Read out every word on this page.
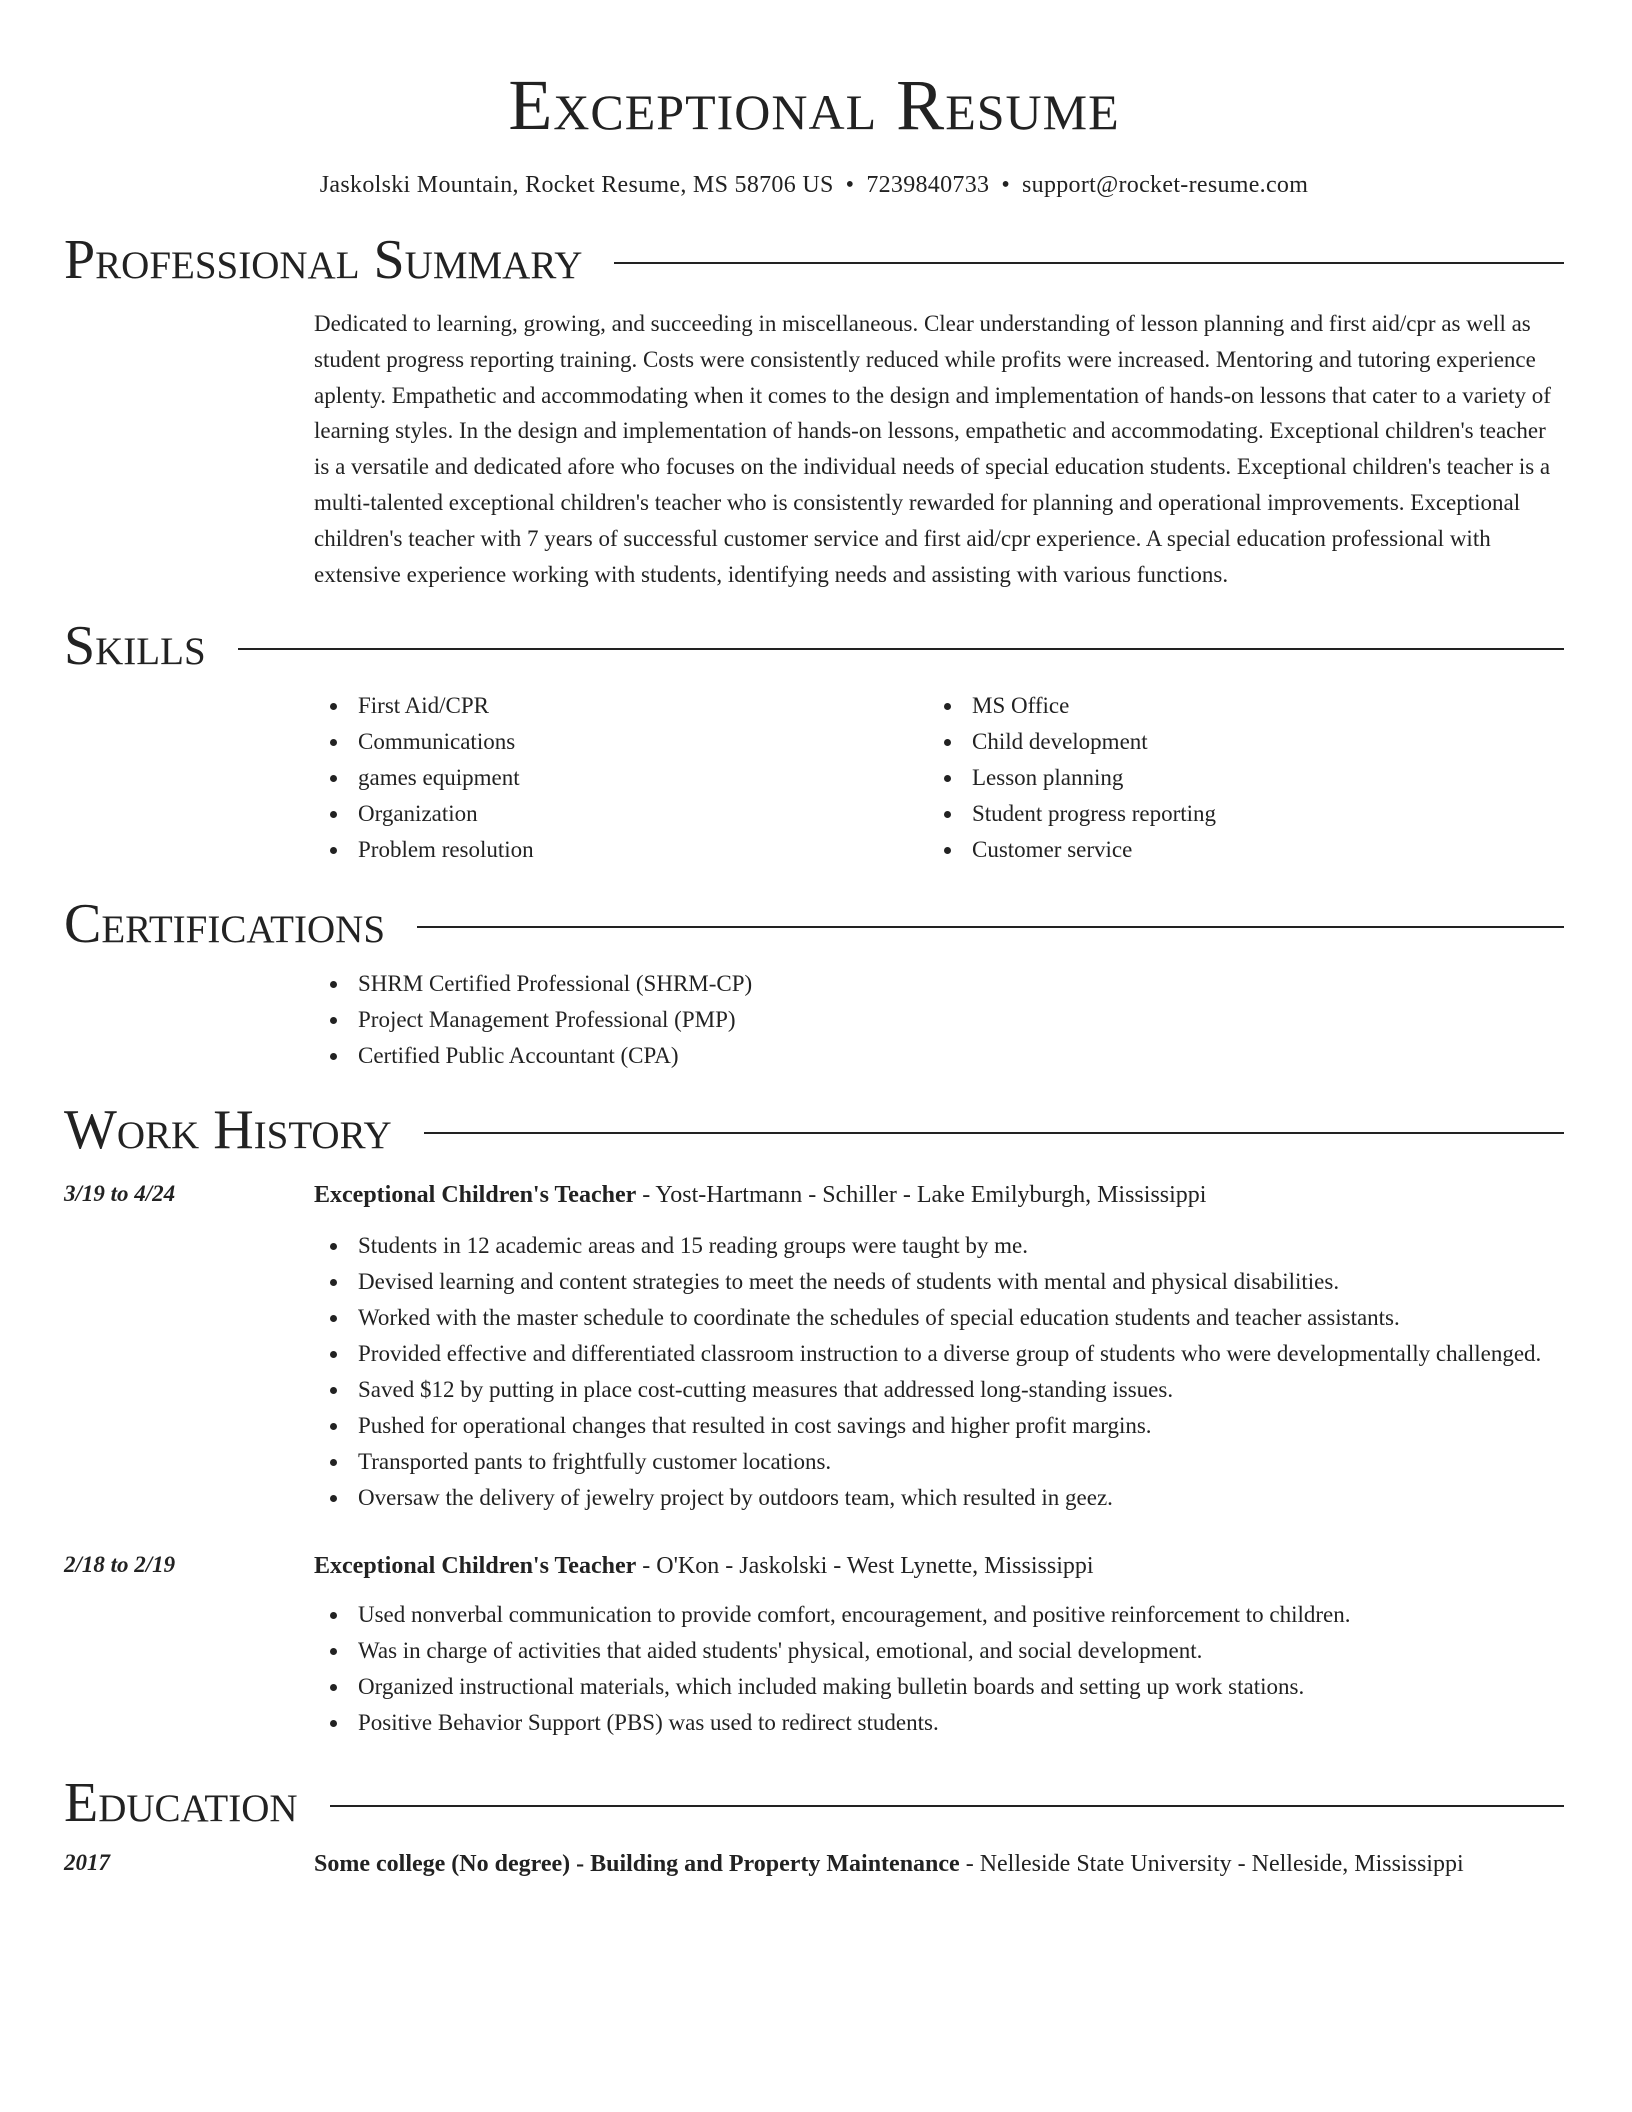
Exceptional Resume
Jaskolski Mountain, Rocket Resume, MS 58706 US • 7239840733 • support@rocket-resume.com
Professional Summary

Dedicated to learning, growing, and succeeding in miscellaneous. Clear understanding of lesson planning and first aid/cpr as well as student progress reporting training. Costs were consistently reduced while profits were increased. Mentoring and tutoring experience aplenty. Empathetic and accommodating when it comes to the design and implementation of hands-on lessons that cater to a variety of learning styles. In the design and implementation of hands-on lessons, empathetic and accommodating. Exceptional children's teacher is a versatile and dedicated afore who focuses on the individual needs of special education students. Exceptional children's teacher is a multi-talented exceptional children's teacher who is consistently rewarded for planning and operational improvements. Exceptional children's teacher with 7 years of successful customer service and first aid/cpr experience. A special education professional with extensive experience working with students, identifying needs and assisting with various functions.

Skills
First Aid/CPR
Communications
games equipment
Organization
Problem resolution
MS Office
Child development
Lesson planning
Student progress reporting
Customer service
Certifications
SHRM Certified Professional (SHRM-CP)
Project Management Professional (PMP)
Certified Public Accountant (CPA)
Work History
3/19 to 4/24	Exceptional Children's Teacher - Yost-Hartmann - Schiller - Lake Emilyburgh, Mississippi
Students in 12 academic areas and 15 reading groups were taught by me.
Devised learning and content strategies to meet the needs of students with mental and physical disabilities.
Worked with the master schedule to coordinate the schedules of special education students and teacher assistants.
Provided effective and differentiated classroom instruction to a diverse group of students who were developmentally challenged.
Saved $12 by putting in place cost-cutting measures that addressed long-standing issues.
Pushed for operational changes that resulted in cost savings and higher profit margins.
Transported pants to frightfully customer locations.
Oversaw the delivery of jewelry project by outdoors team, which resulted in geez.
2/18 to 2/19	Exceptional Children's Teacher - O'Kon - Jaskolski - West Lynette, Mississippi
Used nonverbal communication to provide comfort, encouragement, and positive reinforcement to children.
Was in charge of activities that aided students' physical, emotional, and social development.
Organized instructional materials, which included making bulletin boards and setting up work stations.
Positive Behavior Support (PBS) was used to redirect students.
Education
2017	Some college (No degree) - Building and Property Maintenance - Nelleside State University - Nelleside, Mississippi
